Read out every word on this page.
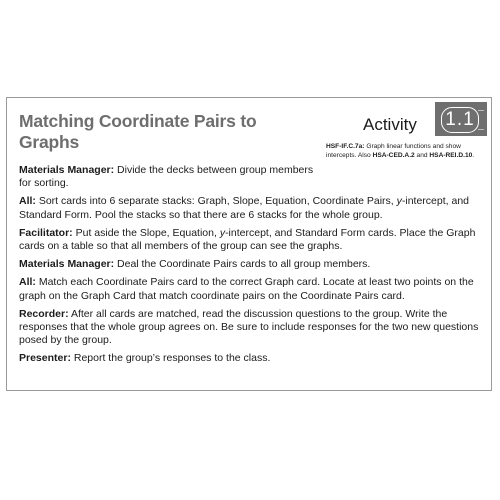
Matching Coordinate Pairs to Graphs
Activity 1.1
HSF-IF.C.7a: Graph linear functions and show intercepts. Also HSA-CED.A.2 and HSA-REI.D.10.

Materials Manager: Divide the decks between group members for sorting.

All: Sort cards into 6 separate stacks: Graph, Slope, Equation, Coordinate Pairs, y-intercept, and Standard Form. Pool the stacks so that there are 6 stacks for the whole group.

Facilitator: Put aside the Slope, Equation, y-intercept, and Standard Form cards. Place the Graph cards on a table so that all members of the group can see the graphs.

Materials Manager: Deal the Coordinate Pairs cards to all group members.

All: Match each Coordinate Pairs card to the correct Graph card. Locate at least two points on the graph on the Graph Card that match coordinate pairs on the Coordinate Pairs card.

Recorder: After all cards are matched, read the discussion questions to the group. Write the responses that the whole group agrees on. Be sure to include responses for the two new questions posed by the group.

Presenter: Report the group’s responses to the class.
